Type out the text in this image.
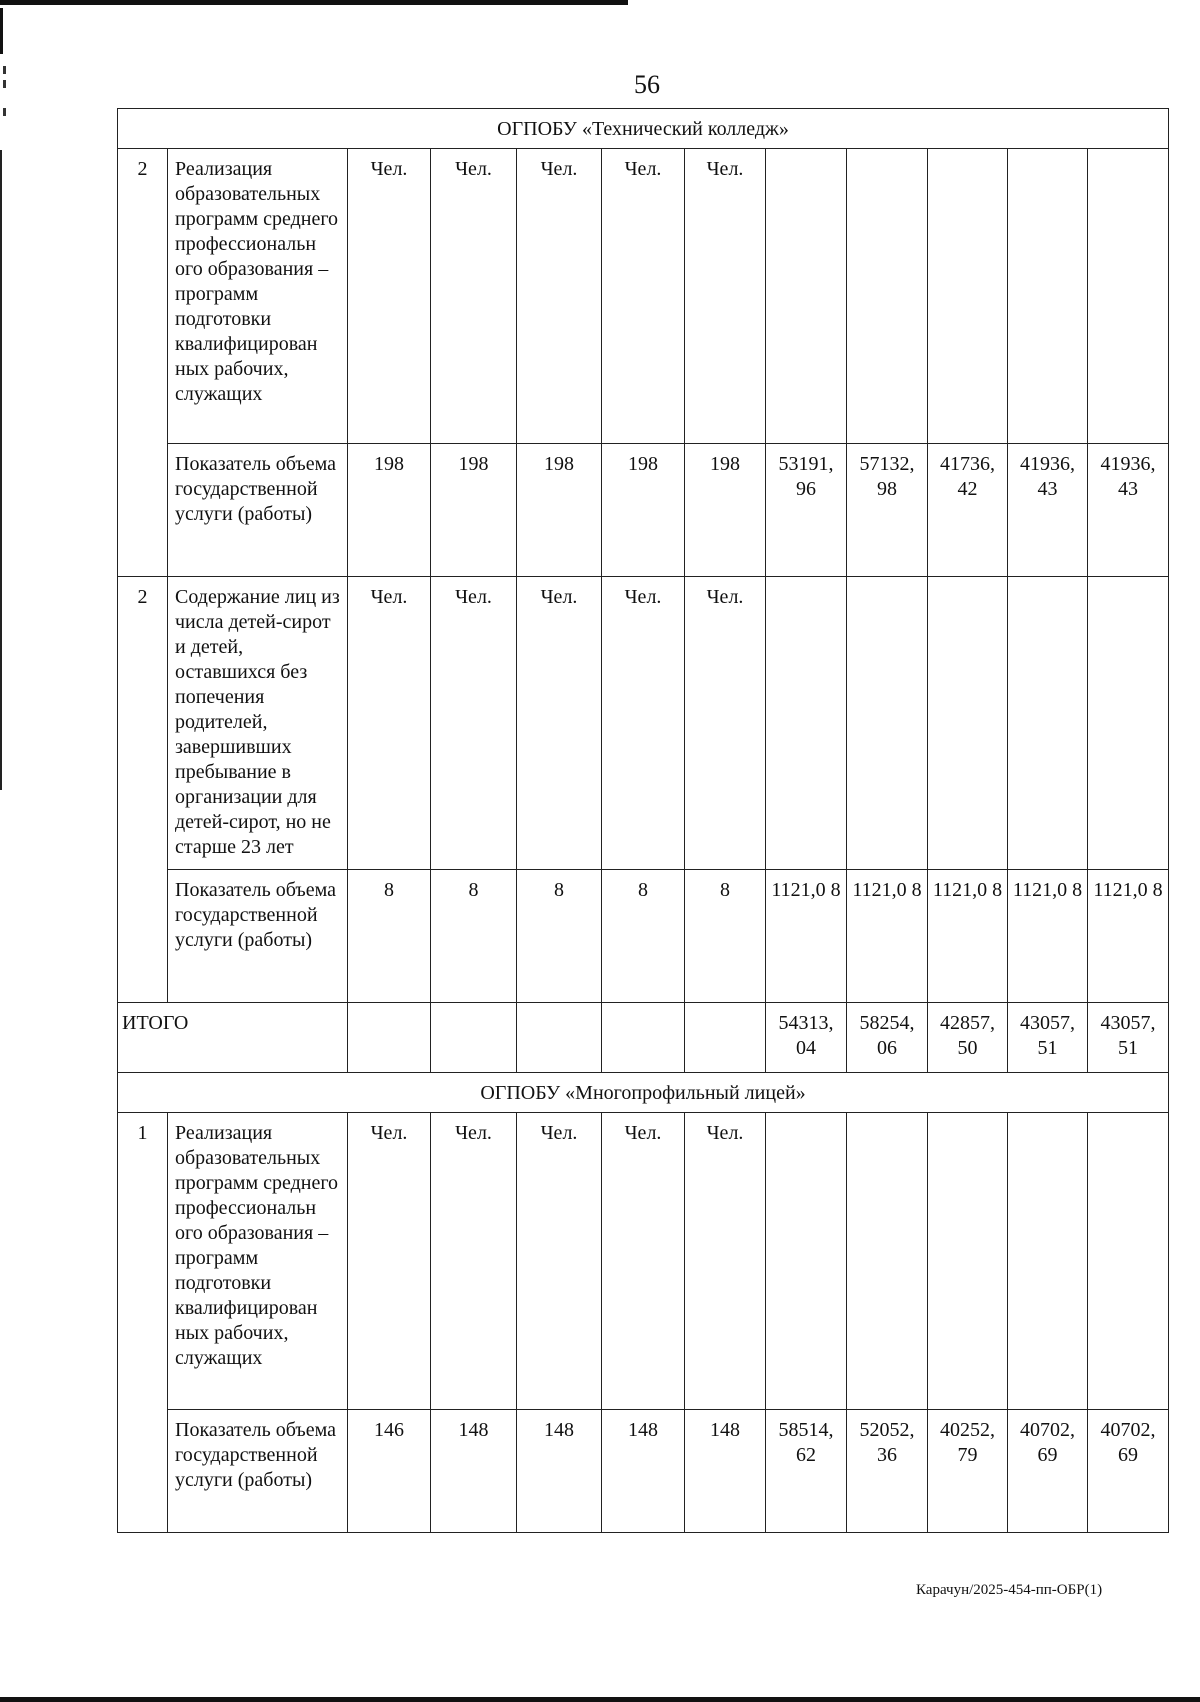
56
ОГПОБУ «Технический колледж»											
2	Реализация образовательных программ среднего профессиональн ого образования – программ подготовки квалифицирован ных рабочих, служащих	Чел.	Чел.	Чел.	Чел.	Чел.					
	Показатель объема государственной услуги (работы)	198	198	198	198	198	53191, 96	57132, 98	41736, 42	41936, 43	41936, 43
2	Содержание лиц из числа детей-сирот и детей, оставшихся без попечения родителей, завершивших пребывание в организации для детей-сирот, но не старше 23 лет	Чел.	Чел.	Чел.	Чел.	Чел.					
	Показатель объема государственной услуги (работы)	8	8	8	8	8	1121,0 8	1121,0 8	1121,0 8	1121,0 8	1121,0 8
ИТОГО							54313, 04	58254, 06	42857, 50	43057, 51	43057, 51
ОГПОБУ «Многопрофильный лицей»											
1	Реализация образовательных программ среднего профессиональн ого образования – программ подготовки квалифицирован ных рабочих, служащих	Чел.	Чел.	Чел.	Чел.	Чел.					
	Показатель объема государственной услуги (работы)	146	148	148	148	148	58514, 62	52052, 36	40252, 79	40702, 69	40702, 69
Карачун/2025-454-пп-ОБР(1)
